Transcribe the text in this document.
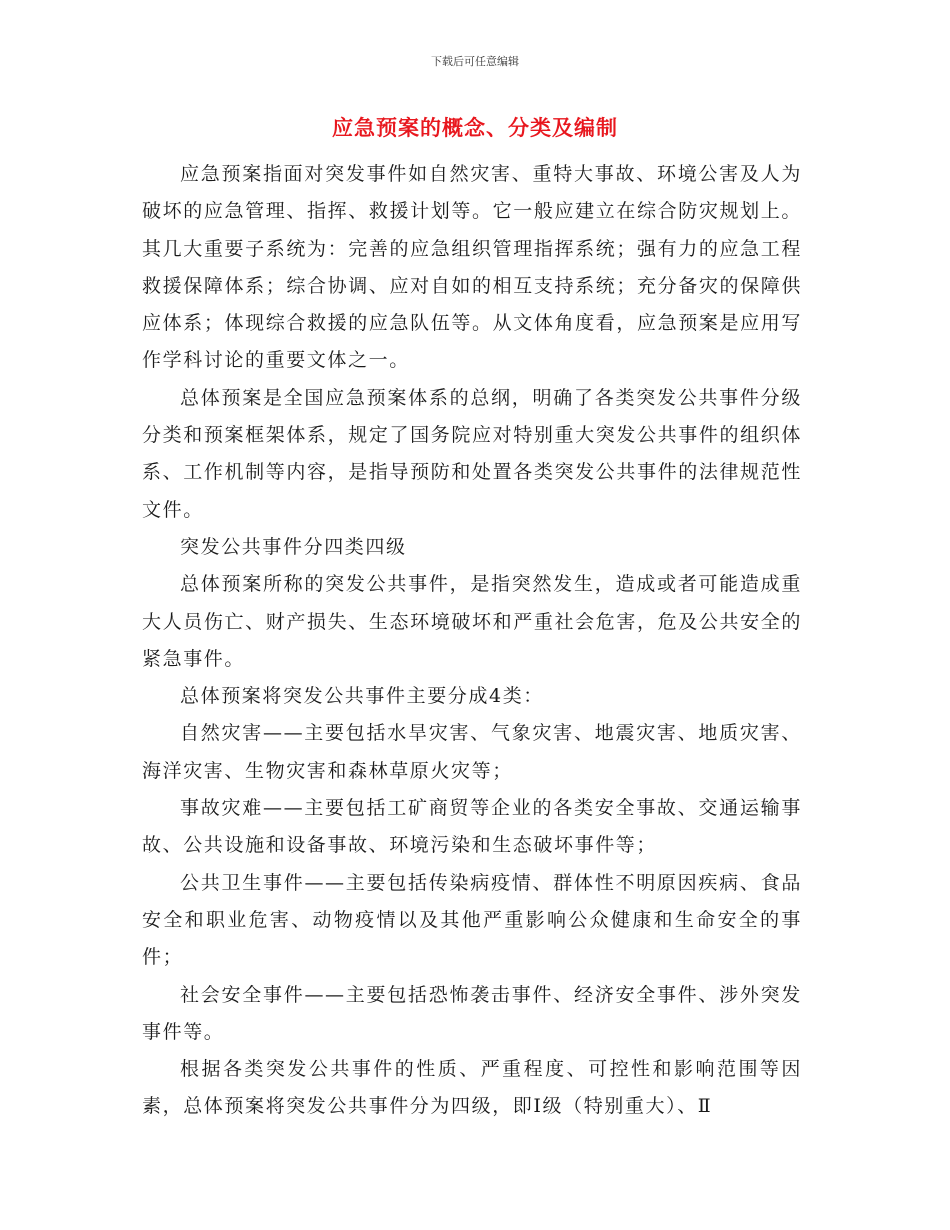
下载后可任意编辑
应急预案的概念、分类及编制

应急预案指面对突发事件如自然灾害、重特大事故、环境公害及人为破坏的应急管理、指挥、救援计划等。它一般应建立在综合防灾规划上。其几大重要子系统为：完善的应急组织管理指挥系统；强有力的应急工程救援保障体系；综合协调、应对自如的相互支持系统；充分备灾的保障供应体系；体现综合救援的应急队伍等。从文体角度看，应急预案是应用写作学科讨论的重要文体之一。

总体预案是全国应急预案体系的总纲，明确了各类突发公共事件分级分类和预案框架体系，规定了国务院应对特别重大突发公共事件的组织体系、工作机制等内容，是指导预防和处置各类突发公共事件的法律规范性文件。

突发公共事件分四类四级

总体预案所称的突发公共事件，是指突然发生，造成或者可能造成重大人员伤亡、财产损失、生态环境破坏和严重社会危害，危及公共安全的紧急事件。

总体预案将突发公共事件主要分成4类：

自然灾害——主要包括水旱灾害、气象灾害、地震灾害、地质灾害、海洋灾害、生物灾害和森林草原火灾等；

事故灾难——主要包括工矿商贸等企业的各类安全事故、交通运输事故、公共设施和设备事故、环境污染和生态破坏事件等；

公共卫生事件——主要包括传染病疫情、群体性不明原因疾病、食品安全和职业危害、动物疫情以及其他严重影响公众健康和生命安全的事件；

社会安全事件——主要包括恐怖袭击事件、经济安全事件、涉外突发事件等。

根据各类突发公共事件的性质、严重程度、可控性和影响范围等因素，总体预案将突发公共事件分为四级，即Ⅰ级（特别重大）、Ⅱ
